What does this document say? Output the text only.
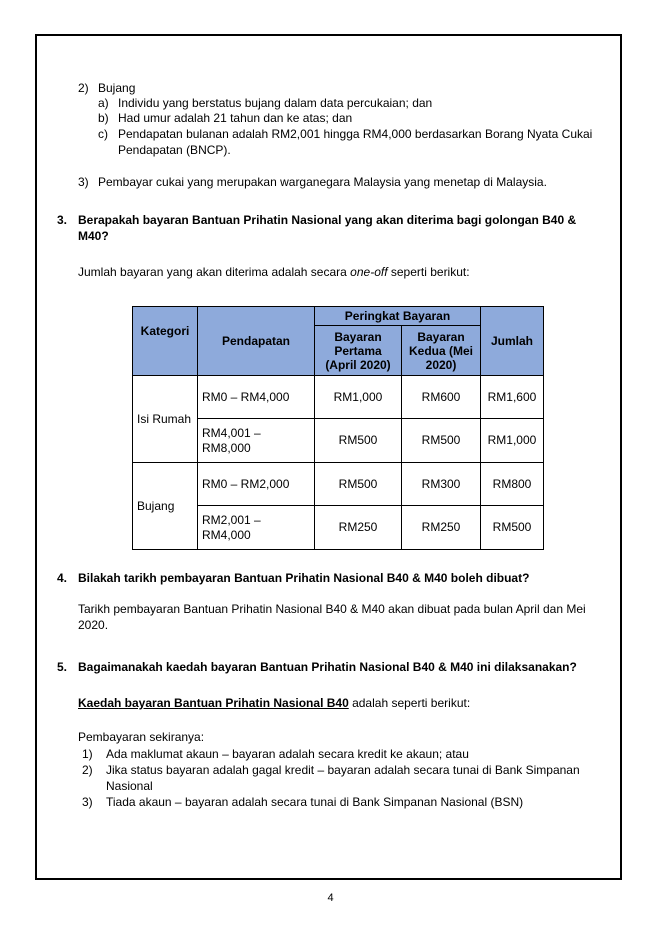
2) Bujang
a) Individu yang berstatus bujang dalam data percukaian; dan
b) Had umur adalah 21 tahun dan ke atas; dan
c) Pendapatan bulanan adalah RM2,001 hingga RM4,000 berdasarkan Borang Nyata Cukai
Pendapatan (BNCP).
3) Pembayar cukai yang merupakan warganegara Malaysia yang menetap di Malaysia.
3. Berapakah bayaran Bantuan Prihatin Nasional yang akan diterima bagi golongan B40 &
M40?
Jumlah bayaran yang akan diterima adalah secara one-off seperti berikut:
Kategori	Pendapatan	Peringkat Bayaran		Jumlah
		Bayaran Pertama (April 2020)	Bayaran Kedua (Mei 2020)	
Isi Rumah	RM0 – RM4,000	RM1,000	RM600	RM1,600
	RM4,001 – RM8,000	RM500	RM500	RM1,000
Bujang	RM0 – RM2,000	RM500	RM300	RM800
	RM2,001 – RM4,000	RM250	RM250	RM500
4. Bilakah tarikh pembayaran Bantuan Prihatin Nasional B40 & M40 boleh dibuat?
Tarikh pembayaran Bantuan Prihatin Nasional B40 & M40 akan dibuat pada bulan April dan Mei
2020.
5. Bagaimanakah kaedah bayaran Bantuan Prihatin Nasional B40 & M40 ini dilaksanakan?
Kaedah bayaran Bantuan Prihatin Nasional B40 adalah seperti berikut:
Pembayaran sekiranya:
1) Ada maklumat akaun – bayaran adalah secara kredit ke akaun; atau
2) Jika status bayaran adalah gagal kredit – bayaran adalah secara tunai di Bank Simpanan
Nasional
3) Tiada akaun – bayaran adalah secara tunai di Bank Simpanan Nasional (BSN)
4
